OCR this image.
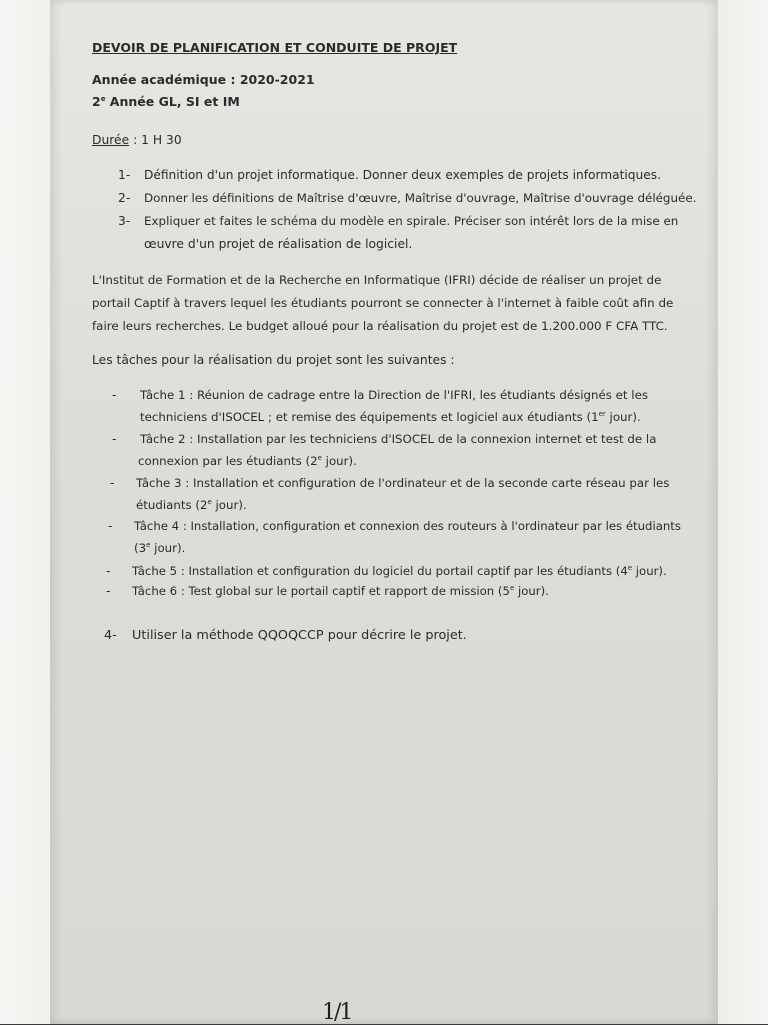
DEVOIR DE PLANIFICATION ET CONDUITE DE PROJET
Année académique : 2020-2021
2e Année GL, SI et IM
Durée : 1 H 30
1-	Définition d'un projet informatique. Donner deux exemples de projets informatiques.
2-	Donner les définitions de Maîtrise d'œuvre, Maîtrise d'ouvrage, Maîtrise d'ouvrage déléguée.
3-	Expliquer et faites le schéma du modèle en spirale. Préciser son intérêt lors de la mise en
œuvre d'un projet de réalisation de logiciel.
L'Institut de Formation et de la Recherche en Informatique (IFRI) décide de réaliser un projet de
portail Captif à travers lequel les étudiants pourront se connecter à l'internet à faible coût afin de
faire leurs recherches. Le budget alloué pour la réalisation du projet est de 1.200.000 F CFA TTC.
Les tâches pour la réalisation du projet sont les suivantes :
-	Tâche 1 : Réunion de cadrage entre la Direction de l'IFRI, les étudiants désignés et les
techniciens d'ISOCEL ; et remise des équipements et logiciel aux étudiants (1er jour).
-	Tâche 2 : Installation par les techniciens d'ISOCEL de la connexion internet et test de la
connexion par les étudiants (2e jour).
-	Tâche 3 : Installation et configuration de l'ordinateur et de la seconde carte réseau par les
étudiants (2e jour).
-	Tâche 4 : Installation, configuration et connexion des routeurs à l'ordinateur par les étudiants
(3e jour).
-	Tâche 5 : Installation et configuration du logiciel du portail captif par les étudiants (4e jour).
-	Tâche 6 : Test global sur le portail captif et rapport de mission (5e jour).
4-	Utiliser la méthode QQOQCCP pour décrire le projet.
1/1
